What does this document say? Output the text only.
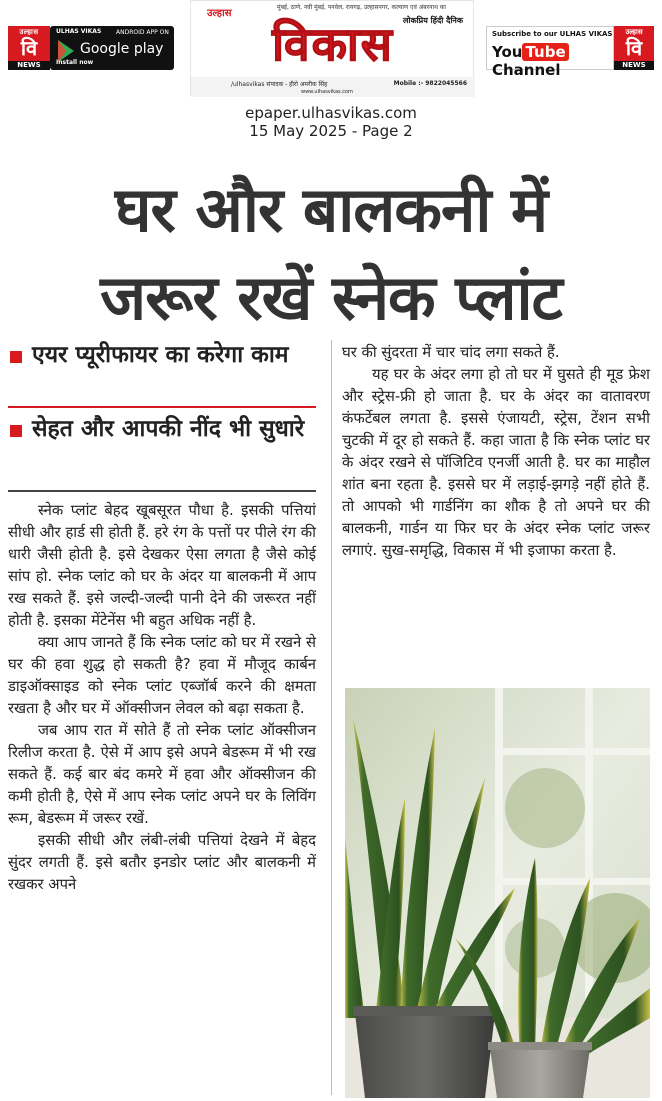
उल्हास
वि
NEWS
ULHAS VIKAS ANDROID APP ON
Google play
Install now
उल्हास
मुंबई, ठाणे, नवी मुंबई, पनवेल, रायगढ़, उल्हासनगर, कल्याण एवं अंबरनाथ का
लोकप्रिय हिंदी दैनिक
विकास
/ulhasvikas संपादक - हीरो अमरीक सिंह	Mobile :- 9822045566
www.ulhasvikas.com
Subscribe to our ULHAS VIKAS
You Tube Channel
उल्हास
वि
NEWS
epaper.ulhasvikas.com
15 May 2025 - Page 2
घर और बालकनी में
जरूर रखें स्नेक प्लांट
एयर प्यूरीफायर का करेगा काम
सेहत और आपकी नींद भी सुधारे

स्नेक प्लांट बेहद खूबसूरत पौधा है. इसकी पत्तियां सीधी और हार्ड सी होती हैं. हरे रंग के पत्तों पर पीले रंग की धारी जैसी होती है. इसे देखकर ऐसा लगता है जैसे कोई सांप हो. स्नेक प्लांट को घर के अंदर या बालकनी में आप रख सकते हैं. इसे जल्दी-जल्दी पानी देने की जरूरत नहीं होती है. इसका मेंटेनेंस भी बहुत अधिक नहीं है.

क्या आप जानते हैं कि स्नेक प्लांट को घर में रखने से घर की हवा शुद्ध हो सकती है? हवा में मौजूद कार्बन डाइऑक्साइड को स्नेक प्लांट एब्जॉर्ब करने की क्षमता रखता है और घर में ऑक्सीजन लेवल को बढ़ा सकता है.

जब आप रात में सोते हैं तो स्नेक प्लांट ऑक्सीजन रिलीज करता है. ऐसे में आप इसे अपने बेडरूम में भी रख सकते हैं. कई बार बंद कमरे में हवा और ऑक्सीजन की कमी होती है, ऐसे में आप स्नेक प्लांट अपने घर के लिविंग रूम, बेडरूम में जरूर रखें.

इसकी सीधी और लंबी-लंबी पत्तियां देखने में बेहद सुंदर लगती हैं. इसे बतौर इनडोर प्लांट और बालकनी में रखकर अपने

घर की सुंदरता में चार चांद लगा सकते हैं.

यह घर के अंदर लगा हो तो घर में घुसते ही मूड फ्रेश और स्ट्रेस-फ्री हो जाता है. घर के अंदर का वातावरण कंफर्टेबल लगता है. इससे एंजायटी, स्ट्रेस, टेंशन सभी चुटकी में दूर हो सकते हैं. कहा जाता है कि स्नेक प्लांट घर के अंदर रखने से पॉजिटिव एनर्जी आती है. घर का माहौल शांत बना रहता है. इससे घर में लड़ाई-झगड़े नहीं होते हैं. तो आपको भी गार्डनिंग का शौक है तो अपने घर की बालकनी, गार्डन या फिर घर के अंदर स्नेक प्लांट जरूर लगाएं. सुख-समृद्धि, विकास में भी इजाफा करता है.
